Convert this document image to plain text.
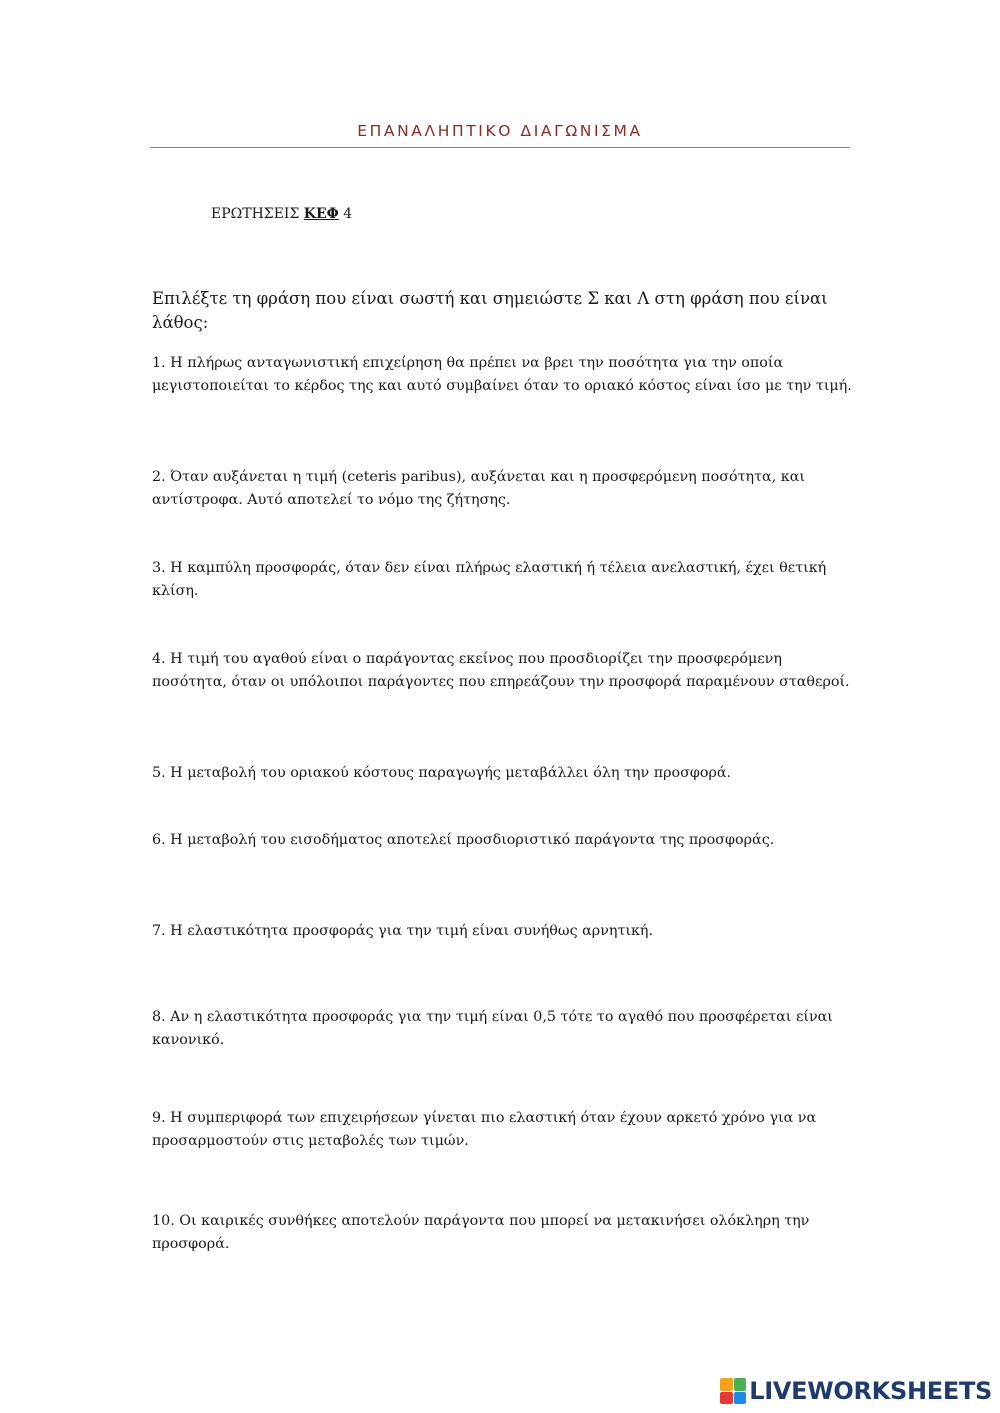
ΕΠΑΝΑΛΗΠΤΙΚΟ ΔΙΑΓΩΝΙΣΜΑ
ΕΡΩΤΗΣΕΙΣ ΚΕΦ 4
Επιλέξτε τη φράση που είναι σωστή και σημειώστε Σ και Λ στη φράση που είναι λάθος:
1. Η πλήρως ανταγωνιστική επιχείρηση θα πρέπει να βρει την ποσότητα για την οποία μεγιστοποιείται το κέρδος της και αυτό συμβαίνει όταν το οριακό κόστος είναι ίσο με την τιμή.
2. Όταν αυξάνεται η τιμή (ceteris paribus), αυξάνεται και η προσφερόμενη ποσότητα, και αντίστροφα. Αυτό αποτελεί το νόμο της ζήτησης.
3. Η καμπύλη προσφοράς, όταν δεν είναι πλήρως ελαστική ή τέλεια ανελαστική, έχει θετική κλίση.
4. Η τιμή του αγαθού είναι ο παράγοντας εκείνος που προσδιορίζει την προσφερόμενη ποσότητα, όταν οι υπόλοιποι παράγοντες που επηρεάζουν την προσφορά παραμένουν σταθεροί.
5. Η μεταβολή του οριακού κόστους παραγωγής μεταβάλλει όλη την προσφορά.
6. Η μεταβολή του εισοδήματος αποτελεί προσδιοριστικό παράγοντα της προσφοράς.
7. Η ελαστικότητα προσφοράς για την τιμή είναι συνήθως αρνητική.
8. Αν η ελαστικότητα προσφοράς για την τιμή είναι 0,5 τότε το αγαθό που προσφέρεται είναι κανονικό.
9. Η συμπεριφορά των επιχειρήσεων γίνεται πιο ελαστική όταν έχουν αρκετό χρόνο για να προσαρμοστούν στις μεταβολές των τιμών.
10. Οι καιρικές συνθήκες αποτελούν παράγοντα που μπορεί να μετακινήσει ολόκληρη την προσφορά.
LIVEWORKSHEETS
